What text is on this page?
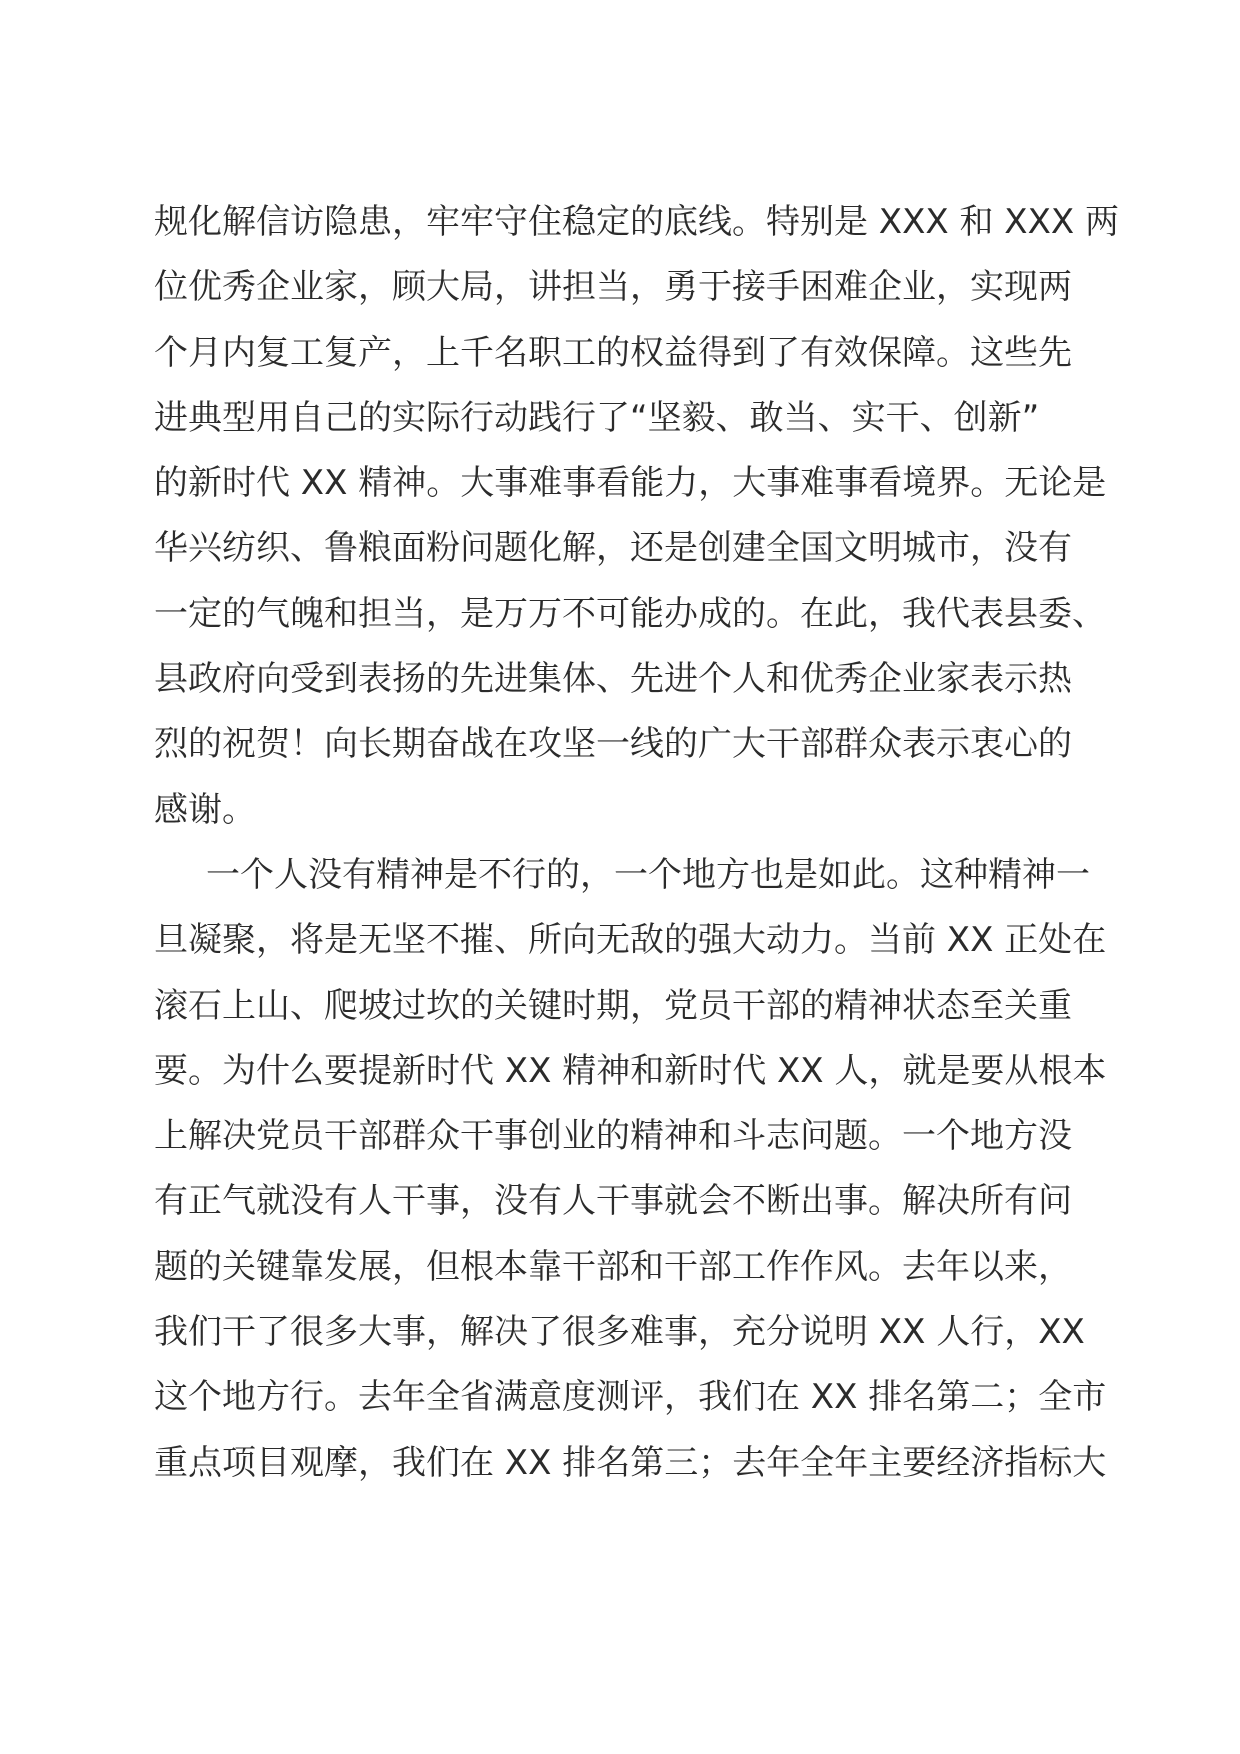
规化解信访隐患，牢牢守住稳定的底线。特别是 XXX 和 XXX 两
位优秀企业家，顾大局，讲担当，勇于接手困难企业，实现两
个月内复工复产，上千名职工的权益得到了有效保障。这些先
进典型用自己的实际行动践行了“坚毅、敢当、实干、创新”
的新时代 XX 精神。大事难事看能力，大事难事看境界。无论是
华兴纺织、鲁粮面粉问题化解，还是创建全国文明城市，没有
一定的气魄和担当，是万万不可能办成的。在此，我代表县委、
县政府向受到表扬的先进集体、先进个人和优秀企业家表示热
烈的祝贺！向长期奋战在攻坚一线的广大干部群众表示衷心的
感谢。
一个人没有精神是不行的，一个地方也是如此。这种精神一
旦凝聚，将是无坚不摧、所向无敌的强大动力。当前 XX 正处在
滚石上山、爬坡过坎的关键时期，党员干部的精神状态至关重
要。为什么要提新时代 XX 精神和新时代 XX 人，就是要从根本
上解决党员干部群众干事创业的精神和斗志问题。一个地方没
有正气就没有人干事，没有人干事就会不断出事。解决所有问
题的关键靠发展，但根本靠干部和干部工作作风。去年以来，
我们干了很多大事，解决了很多难事，充分说明 XX 人行，XX
这个地方行。去年全省满意度测评，我们在 XX 排名第二；全市
重点项目观摩，我们在 XX 排名第三；去年全年主要经济指标大
